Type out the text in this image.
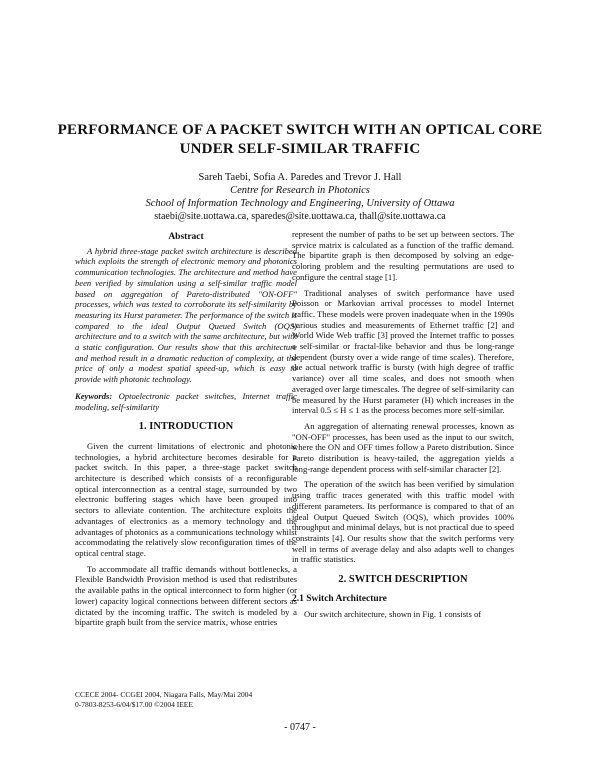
PERFORMANCE OF A PACKET SWITCH WITH AN OPTICAL CORE
UNDER SELF-SIMILAR TRAFFIC
Sareh Taebi, Sofia A. Paredes and Trevor J. Hall
Centre for Research in Photonics
School of Information Technology and Engineering, University of Ottawa
staebi@site.uottawa.ca, sparedes@site.uottawa.ca, thall@site.uottawa.ca
Abstract

A hybrid three-stage packet switch architecture is described which exploits the strength of electronic memory and photonics communication technologies. The architecture and method have been verified by simulation using a self-similar traffic model based on aggregation of Pareto-distributed "ON-OFF" processes, which was tested to corroborate its self-similarity by measuring its Hurst parameter. The performance of the switch is compared to the ideal Output Queued Switch (OQS) architecture and to a switch with the same architecture, but with a static configuration. Our results show that this architecture and method result in a dramatic reduction of complexity, at the price of only a modest spatial speed-up, which is easy to provide with photonic technology.

Keywords: Optoelectronic packet switches, Internet traffic modeling, self-similarity

1. INTRODUCTION

Given the current limitations of electronic and photonic technologies, a hybrid architecture becomes desirable for a packet switch. In this paper, a three-stage packet switch architecture is described which consists of a reconfigurable optical interconnection as a central stage, surrounded by two electronic buffering stages which have been grouped into sectors to alleviate contention. The architecture exploits the advantages of electronics as a memory technology and the advantages of photonics as a communications technology whilst accommodating the relatively slow reconfiguration times of the optical central stage.

To accommodate all traffic demands without bottlenecks, a Flexible Bandwidth Provision method is used that redistributes the available paths in the optical interconnect to form higher (or lower) capacity logical connections between different sectors as dictated by the incoming traffic. The switch is modeled by a bipartite graph built from the service matrix, whose entries

represent the number of paths to be set up between sectors. The service matrix is calculated as a function of the traffic demand. The bipartite graph is then decomposed by solving an edge-coloring problem and the resulting permutations are used to configure the central stage [1].

Traditional analyses of switch performance have used Poisson or Markovian arrival processes to model Internet traffic. These models were proven inadequate when in the 1990s various studies and measurements of Ethernet traffic [2] and World Wide Web traffic [3] proved the Internet traffic to posses a self-similar or fractal-like behavior and thus be long-range dependent (bursty over a wide range of time scales). Therefore, the actual network traffic is bursty (with high degree of traffic variance) over all time scales, and does not smooth when averaged over large timescales. The degree of self-similarity can be measured by the Hurst parameter (H) which increases in the interval 0.5 ≤ H ≤ 1 as the process becomes more self-similar.

An aggregation of alternating renewal processes, known as "ON-OFF" processes, has been used as the input to our switch, where the ON and OFF times follow a Pareto distribution. Since Pareto distribution is heavy-tailed, the aggregation yields a long-range dependent process with self-similar character [2].

The operation of the switch has been verified by simulation using traffic traces generated with this traffic model with different parameters. Its performance is compared to that of an ideal Output Queued Switch (OQS), which provides 100% throughput and minimal delays, but is not practical due to speed constraints [4]. Our results show that the switch performs very well in terms of average delay and also adapts well to changes in traffic statistics.

2. SWITCH DESCRIPTION
2.1 Switch Architecture

Our switch architecture, shown in Fig. 1 consists of

CCECE 2004- CCGEI 2004, Niagara Falls, May/Mai 2004
0-7803-8253-6/04/$17.00 ©2004 IEEE
- 0747 -
